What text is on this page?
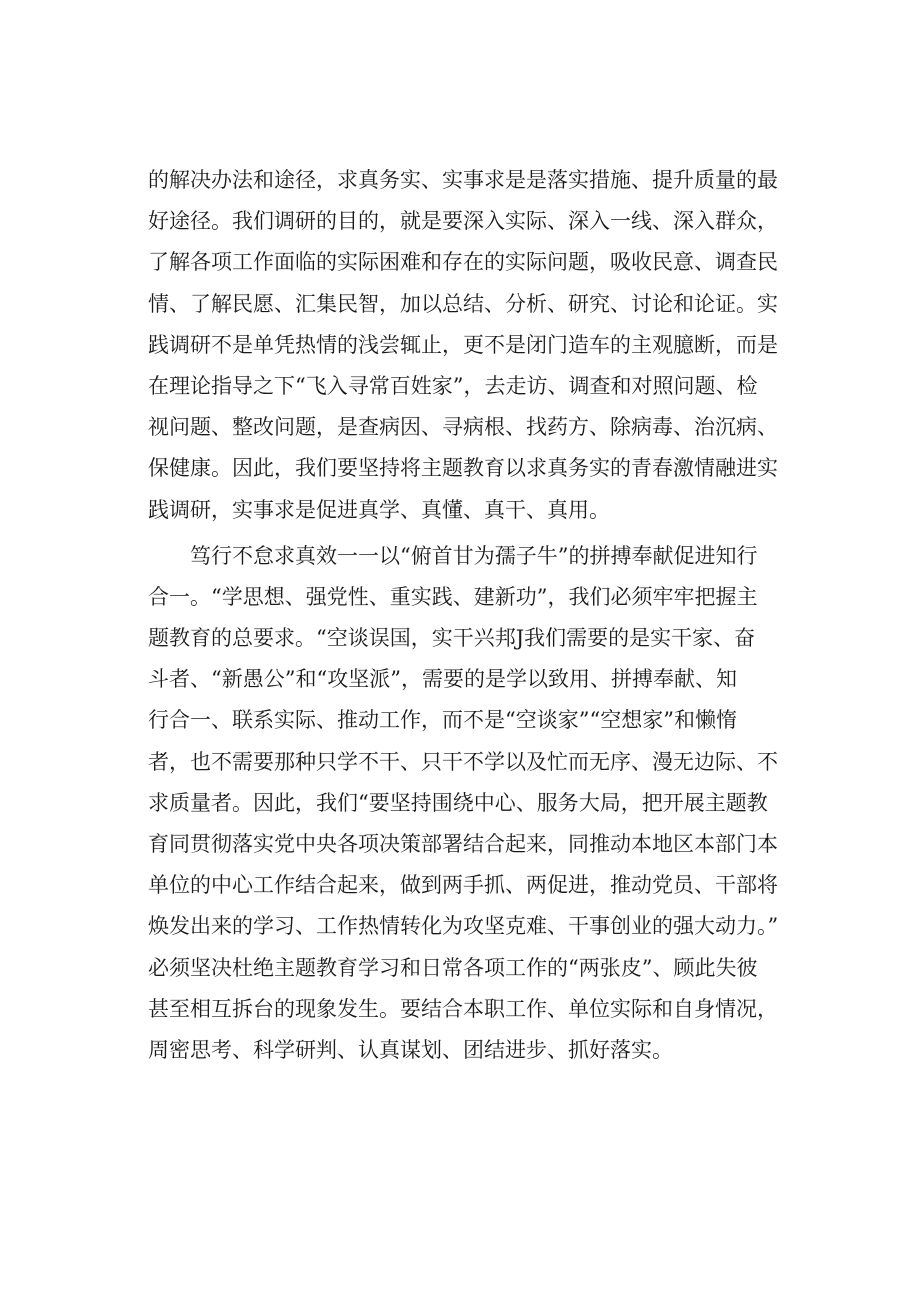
的解决办法和途径，求真务实、实事求是是落实措施、提升质量的最
好途径。我们调研的目的，就是要深入实际、深入一线、深入群众，
了解各项工作面临的实际困难和存在的实际问题，吸收民意、调查民
情、了解民愿、汇集民智，加以总结、分析、研究、讨论和论证。实
践调研不是单凭热情的浅尝辄止，更不是闭门造车的主观臆断，而是
在理论指导之下“飞入寻常百姓家”，去走访、调查和对照问题、检
视问题、整改问题，是查病因、寻病根、找药方、除病毒、治沉病、
保健康。因此，我们要坚持将主题教育以求真务实的青春激情融进实
践调研，实事求是促进真学、真懂、真干、真用。
笃行不怠求真效一一以“俯首甘为孺子牛”的拼搏奉献促进知行
合一。“学思想、强党性、重实践、建新功”，我们必须牢牢把握主
题教育的总要求。“空谈误国，实干兴邦J我们需要的是实干家、奋
斗者、“新愚公”和“攻坚派”，需要的是学以致用、拼搏奉献、知
行合一、联系实际、推动工作，而不是“空谈家”“空想家”和懒惰
者，也不需要那种只学不干、只干不学以及忙而无序、漫无边际、不
求质量者。因此，我们“要坚持围绕中心、服务大局，把开展主题教
育同贯彻落实党中央各项决策部署结合起来，同推动本地区本部门本
单位的中心工作结合起来，做到两手抓、两促进，推动党员、干部将
焕发出来的学习、工作热情转化为攻坚克难、干事创业的强大动力。”
必须坚决杜绝主题教育学习和日常各项工作的“两张皮”、顾此失彼
甚至相互拆台的现象发生。要结合本职工作、单位实际和自身情况，
周密思考、科学研判、认真谋划、团结进步、抓好落实。
